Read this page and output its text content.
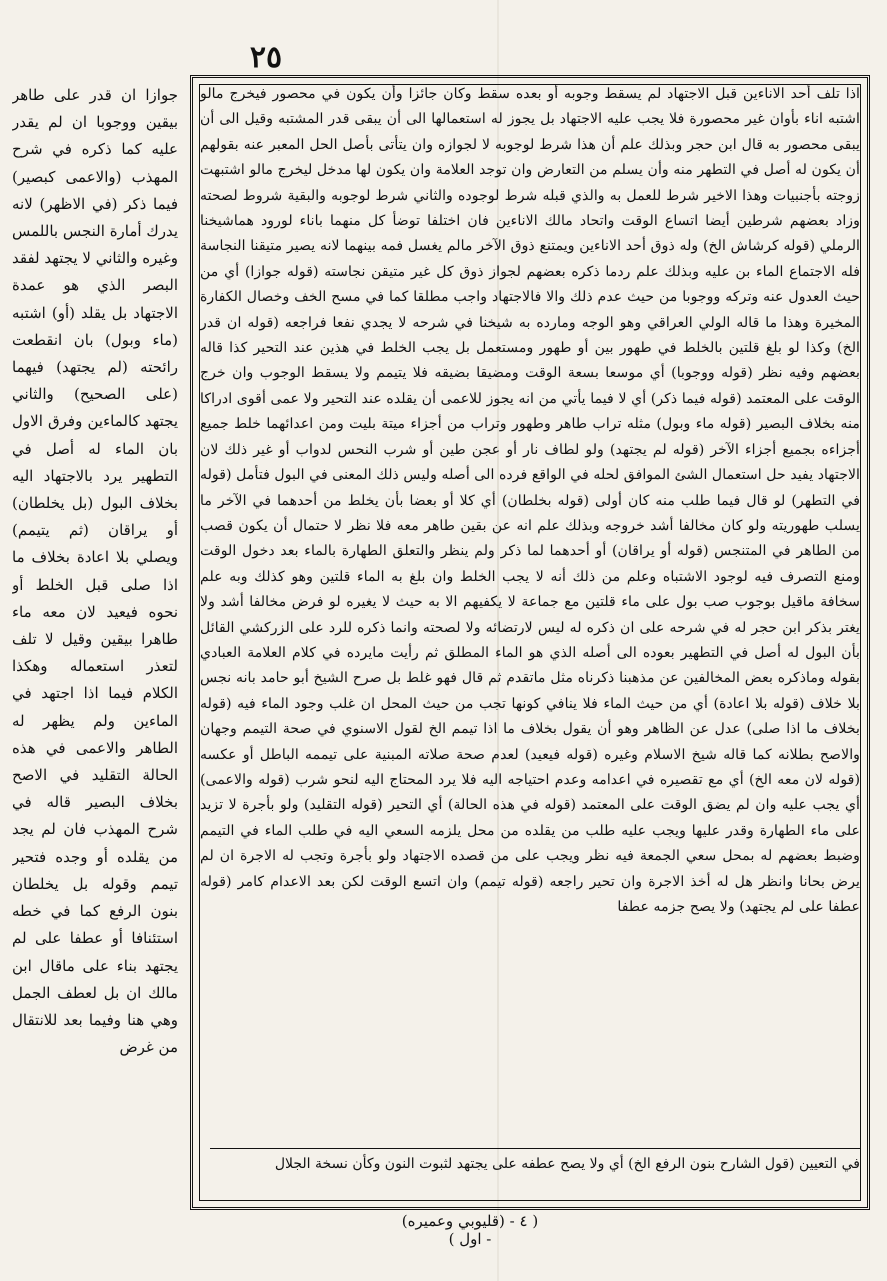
٢٥

اذا تلف أحد الاناءين قبل الاجتهاد لم يسقط وجوبه أو بعده سقط وكان جائزا وأن يكون في محصور فيخرج مالو اشتبه اناء بأوان غير محصورة فلا يجب عليه الاجتهاد بل يجوز له استعمالها الى أن يبقى قدر المشتبه وقيل الى أن يبقى محصور به قال ابن حجر وبذلك علم أن هذا شرط لوجوبه لا لجوازه وان يتأتى بأصل الحل المعبر عنه بقولهم أن يكون له أصل في التطهر منه وأن يسلم من التعارض وان توجد العلامة وان يكون لها مدخل ليخرج مالو اشتبهت زوجته بأجنبيات وهذا الاخير شرط للعمل به والذي قبله شرط لوجوده والثاني شرط لوجوبه والبقية شروط لصحته وزاد بعضهم شرطين أيضا اتساع الوقت واتحاد مالك الاناءين فان اختلفا توضأ كل منهما باناء لورود هماشيخنا الرملي (قوله كرشاش الخ) وله ذوق أحد الاناءين ويمتنع ذوق الآخر مالم يغسل فمه بينهما لانه يصير متيقنا النجاسة فله الاجتماع الماء بن عليه وبذلك علم ردما ذكره بعضهم لجواز ذوق كل غير متيقن نجاسته (قوله جوازا) أي من حيث العدول عنه وتركه ووجوبا من حيث عدم ذلك والا فالاجتهاد واجب مطلقا كما في مسح الخف وخصال الكفارة المخيرة وهذا ما قاله الولي العراقي وهو الوجه ومارده به شيخنا في شرحه لا يجدي نفعا فراجعه (قوله ان قدر الخ) وكذا لو بلغ قلتين بالخلط في طهور بين أو طهور ومستعمل بل يجب الخلط في هذين عند التحير كذا قاله بعضهم وفيه نظر (قوله ووجوبا) أي موسعا بسعة الوقت ومضيقا بضيقه فلا يتيمم ولا يسقط الوجوب وان خرج الوقت على المعتمد (قوله فيما ذكر) أي لا فيما يأتي من انه يجوز للاعمى أن يقلده عند التحير ولا عمى أقوى ادراكا منه بخلاف البصير (قوله ماء وبول) مثله تراب طاهر وطهور وتراب من أجزاء ميتة بليت ومن اعدائهما خلط جميع أجزاءه بجميع أجزاء الآخر (قوله لم يجتهد) ولو لطاف نار أو عجن طين أو شرب النحس لدواب أو غير ذلك لان الاجتهاد يفيد حل استعمال الشئ الموافق لحله في الواقع فرده الى أصله وليس ذلك المعنى في البول فتأمل (قوله في التطهر) لو قال فيما طلب منه كان أولى (قوله بخلطان) أي كلا أو بعضا بأن يخلط من أحدهما في الآخر ما يسلب طهوريته ولو كان مخالفا أشد خروجه وبذلك علم انه عن بقين طاهر معه فلا نظر لا حتمال أن يكون قصب من الطاهر في المتنجس (قوله أو يراقان) أو أحدهما لما ذكر ولم ينظر والتعلق الطهارة بالماء بعد دخول الوقت ومنع التصرف فيه لوجود الاشتباه وعلم من ذلك أنه لا يجب الخلط وان بلغ به الماء قلتين وهو كذلك وبه علم سخافة ماقيل بوجوب صب بول على ماء قلتين مع جماعة لا يكفيهم الا به حيث لا يغيره لو فرض مخالفا أشد ولا يغتر بذكر ابن حجر له في شرحه على ان ذكره له ليس لارتضائه ولا لصحته وانما ذكره للرد على الزركشي القائل بأن البول له أصل في التطهير بعوده الى أصله الذي هو الماء المطلق ثم رأيت مايرده في كلام العلامة العبادي بقوله وماذكره بعض المخالفين عن مذهبنا ذكرناه مثل ماتقدم ثم قال فهو غلط بل صرح الشيخ أبو حامد بانه نجس بلا خلاف (قوله بلا اعادة) أي من حيث الماء فلا ينافي كونها تجب من حيث المحل ان غلب وجود الماء فيه (قوله بخلاف ما اذا صلى) عدل عن الظاهر وهو أن يقول بخلاف ما اذا تيمم الخ لقول الاسنوي في صحة التيمم وجهان والاصح بطلانه كما قاله شيخ الاسلام وغيره (قوله فيعيد) لعدم صحة صلاته المبنية على تيممه الباطل أو عكسه (قوله لان معه الخ) أي مع تقصيره في اعدامه وعدم احتياجه اليه فلا يرد المحتاج اليه لنحو شرب (قوله والاعمى) أي يجب عليه وان لم يضق الوقت على المعتمد (قوله في هذه الحالة) أي التحير (قوله التقليد) ولو بأجرة لا تزيد على ماء الطهارة وقدر عليها ويجب عليه طلب من يقلده من محل يلزمه السعي اليه في طلب الماء في التيمم وضبط بعضهم له بمحل سعي الجمعة فيه نظر ويجب على من قصده الاجتهاد ولو بأجرة وتجب له الاجرة ان لم يرض بحانا وانظر هل له أخذ الاجرة وان تحير راجعه (قوله تيمم) وان اتسع الوقت لكن بعد الاعدام كامر (قوله عطفا على لم يجتهد) ولا يصح جزمه عطفا

في التعيين (قول الشارح بنون الرفع الخ) أي ولا يصح عطفه على يجتهد لثبوت النون وكأن نسخة الجلال

جوازا ان قدر على طاهر بيقين ووجوبا ان لم يقدر عليه كما ذكره في شرح المهذب (والاعمى كبصير) فيما ذكر (في الاظهر) لانه يدرك أمارة النجس باللمس وغيره والثاني لا يجتهد لفقد البصر الذي هو عمدة الاجتهاد بل يقلد (أو) اشتبه (ماء وبول) بان انقطعت رائحته (لم يجتهد) فيهما (على الصحيح) والثاني يجتهد كالماءين وفرق الاول بان الماء له أصل في التطهير يرد بالاجتهاد اليه بخلاف البول (بل يخلطان) أو يراقان (ثم يتيمم) ويصلي بلا اعادة بخلاف ما اذا صلى قبل الخلط أو نحوه فيعيد لان معه ماء طاهرا بيقين وقيل لا تلف لتعذر استعماله وهكذا الكلام فيما اذا اجتهد في الماءين ولم يظهر له الطاهر والاعمى في هذه الحالة التقليد في الاصح بخلاف البصير قاله في شرح المهذب فان لم يجد من يقلده أو وجده فتحير تيمم وقوله بل يخلطان بنون الرفع كما في خطه استئنافا أو عطفا على لم يجتهد بناء على ماقال ابن مالك ان بل لعطف الجمل وهي هنا وفيما بعد للانتقال من غرض

( ٤ - (قليوبي وعميره) - اول )
